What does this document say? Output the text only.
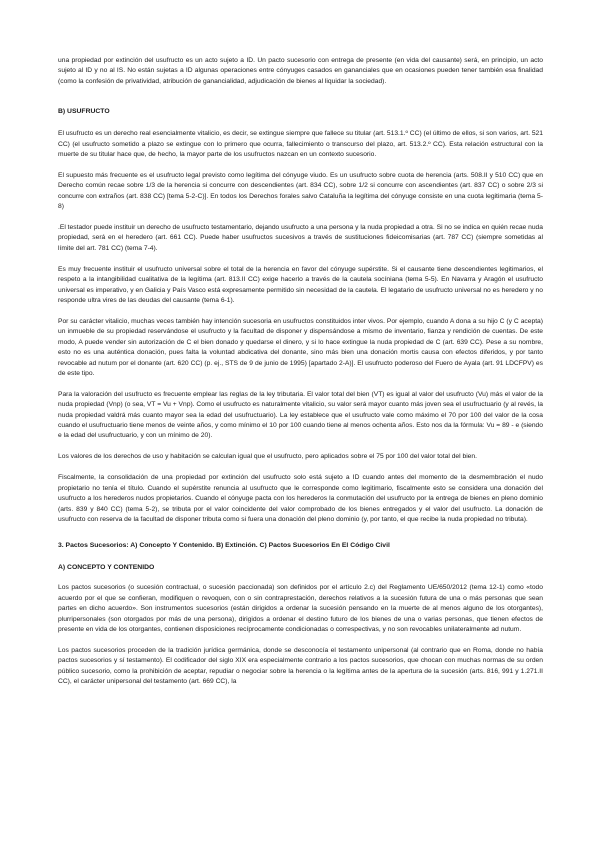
una propiedad por extinción del usufructo es un acto sujeto a ID. Un pacto sucesorio con entrega de presente (en vida del causante) será, en principio, un acto sujeto al ID y no al IS. No están sujetas a ID algunas operaciones entre cónyuges casados en gananciales que en ocasiones pueden tener también esa finalidad (como la confesión de privatividad, atribución de ganancialidad, adjudicación de bienes al liquidar la sociedad).

B) USUFRUCTO

El usufructo es un derecho real esencialmente vitalicio, es decir, se extingue siempre que fallece su titular (art. 513.1.º CC) (el último de ellos, si son varios, art. 521 CC) (el usufructo sometido a plazo se extingue con lo primero que ocurra, fallecimiento o transcurso del plazo, art. 513.2.º CC). Esta relación estructural con la muerte de su titular hace que, de hecho, la mayor parte de los usufructos nazcan en un contexto sucesorio.

El supuesto más frecuente es el usufructo legal previsto como legítima del cónyuge viudo. Es un usufructo sobre cuota de herencia (arts. 508.II y 510 CC) que en Derecho común recae sobre 1/3 de la herencia si concurre con descendientes (art. 834 CC), sobre 1/2 si concurre con ascendientes (art. 837 CC) o sobre 2/3 si concurre con extraños (art. 838 CC) [tema 5-2-C)]. En todos los Derechos forales salvo Cataluña la legítima del cónyuge consiste en una cuota legitimaria (tema 5-8)

.El testador puede instituir un derecho de usufructo testamentario, dejando usufructo a una persona y la nuda propiedad a otra. Si no se indica en quién recae nuda propiedad, será en el heredero (art. 661 CC). Puede haber usufructos sucesivos a través de sustituciones fideicomisarias (art. 787 CC) (siempre sometidas al límite del art. 781 CC) (tema 7-4).

Es muy frecuente instituir el usufructo universal sobre el total de la herencia en favor del cónyuge supérstite. Si el causante tiene descendientes legitimarios, el respeto a la intangibilidad cualitativa de la legítima (art. 813.II CC) exige hacerlo a través de la cautela socíniana (tema 5-5). En Navarra y Aragón el usufructo universal es imperativo, y en Galicia y País Vasco está expresamente permitido sin necesidad de la cautela. El legatario de usufructo universal no es heredero y no responde ultra vires de las deudas del causante (tema 6-1).

Por su carácter vitalicio, muchas veces también hay intención sucesoria en usufructos constituidos inter vivos. Por ejemplo, cuando A dona a su hijo C (y C acepta) un inmueble de su propiedad reservándose el usufructo y la facultad de disponer y dispensándose a mismo de inventario, fianza y rendición de cuentas. De este modo, A puede vender sin autorización de C el bien donado y quedarse el dinero, y si lo hace extingue la nuda propiedad de C (art. 639 CC). Pese a su nombre, esto no es una auténtica donación, pues falta la voluntad abdicativa del donante, sino más bien una donación mortis causa con efectos diferidos, y por tanto revocable ad nutum por el donante (art. 620 CC) (p. ej., STS de 9 de junio de 1995) [apartado 2-A)]. El usufructo poderoso del Fuero de Ayala (art. 91 LDCFPV) es de este tipo.

Para la valoración del usufructo es frecuente emplear las reglas de la ley tributaria. El valor total del bien (VT) es igual al valor del usufructo (Vu) más el valor de la nuda propiedad (Vnp) (o sea, VT = Vu + Vnp). Como el usufructo es naturalmente vitalicio, su valor será mayor cuanto más joven sea el usufructuario (y al revés, la nuda propiedad valdrá más cuanto mayor sea la edad del usufructuario). La ley establece que el usufructo vale como máximo el 70 por 100 del valor de la cosa cuando el usufructuario tiene menos de veinte años, y como mínimo el 10 por 100 cuando tiene al menos ochenta años. Esto nos da la fórmula: Vu = 89 - e (siendo e la edad del usufructuario, y con un mínimo de 20).

Los valores de los derechos de uso y habitación se calculan igual que el usufructo, pero aplicados sobre el 75 por 100 del valor total del bien.

Fiscalmente, la consolidación de una propiedad por extinción del usufructo solo está sujeto a ID cuando antes del momento de la desmembración el nudo propietario no tenía el título. Cuando el supérstite renuncia al usufructo que le corresponde como legitimario, fiscalmente esto se considera una donación del usufructo a los herederos nudos propietarios. Cuando el cónyuge pacta con los herederos la conmutación del usufructo por la entrega de bienes en pleno dominio (arts. 839 y 840 CC) (tema 5-2), se tributa por el valor coincidente del valor comprobado de los bienes entregados y el valor del usufructo. La donación de usufructo con reserva de la facultad de disponer tributa como si fuera una donación del pleno dominio (y, por tanto, el que recibe la nuda propiedad no tributa).

3. Pactos Sucesorios: A) Concepto Y Contenido. B) Extinción. C) Pactos Sucesorios En El Código Civil
A) CONCEPTO Y CONTENIDO

Los pactos sucesorios (o sucesión contractual, o sucesión paccionada) son definidos por el artículo 2.c) del Reglamento UE/650/2012 (tema 12-1) como «todo acuerdo por el que se confieran, modifiquen o revoquen, con o sin contraprestación, derechos relativos a la sucesión futura de una o más personas que sean partes en dicho acuerdo». Son instrumentos sucesorios (están dirigidos a ordenar la sucesión pensando en la muerte de al menos alguno de los otorgantes), plurripersonales (son otorgados por más de una persona), dirigidos a ordenar el destino futuro de los bienes de una o varias personas, que tienen efectos de presente en vida de los otorgantes, contienen disposiciones recíprocamente condicionadas o correspectivas, y no son revocables unilateralmente ad nutum.

Los pactos sucesorios proceden de la tradición jurídica germánica, donde se desconocía el testamento unipersonal (al contrario que en Roma, donde no había pactos sucesorios y sí testamento). El codificador del siglo XIX era especialmente contrario a los pactos sucesorios, que chocan con muchas normas de su orden público sucesorio, como la prohibición de aceptar, repudiar o negociar sobre la herencia o la legítima antes de la apertura de la sucesión (arts. 816, 991 y 1.271.II CC), el carácter unipersonal del testamento (art. 669 CC), la
